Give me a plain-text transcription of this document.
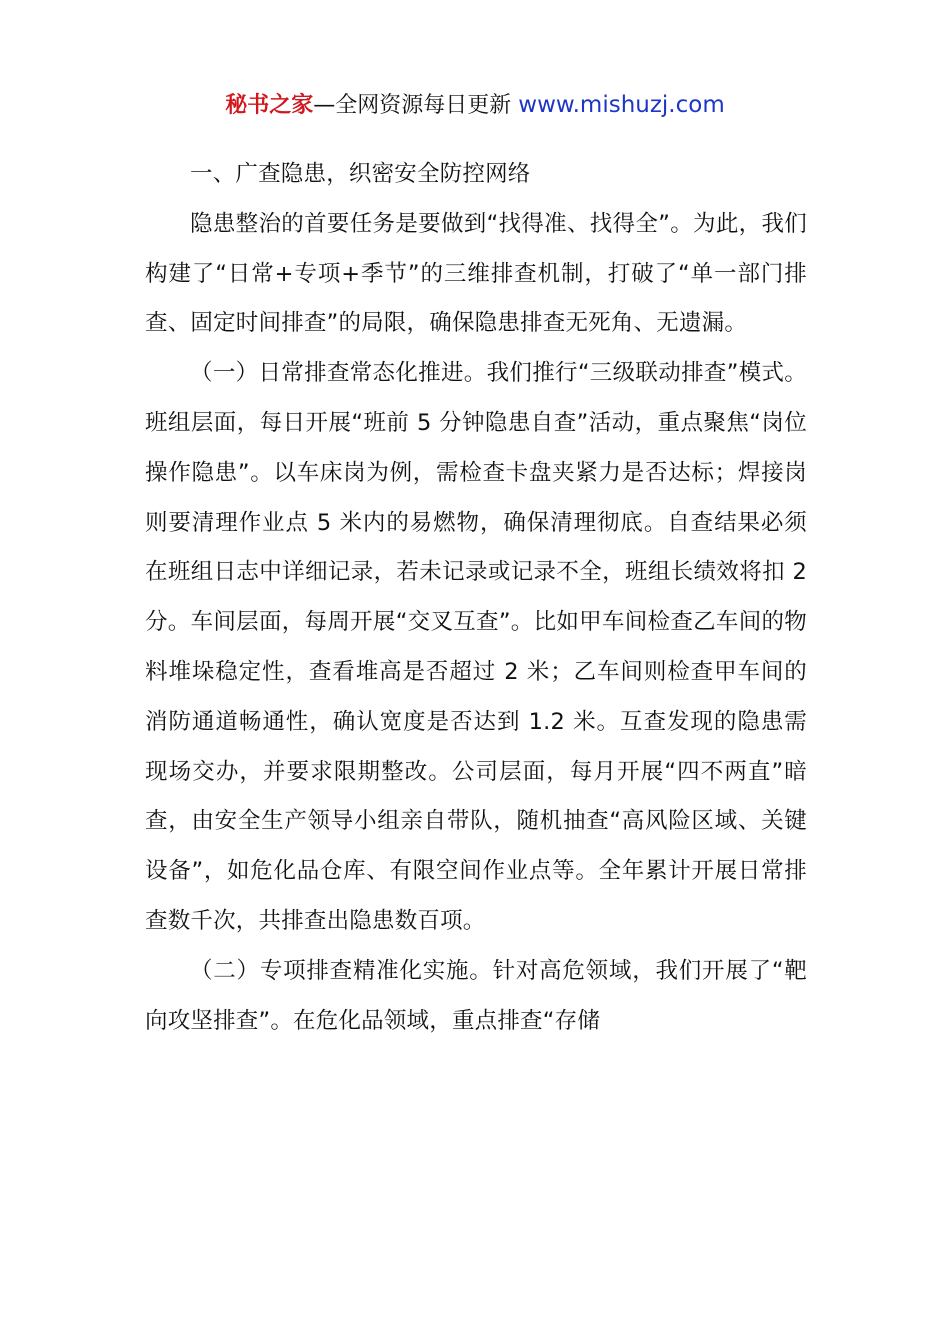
秘书之家—全网资源每日更新 www.mishuzj.com

一、广查隐患，织密安全防控网络

隐患整治的首要任务是要做到“找得准、找得全”。为此，我们构建了“日常+专项+季节”的三维排查机制，打破了“单一部门排查、固定时间排查”的局限，确保隐患排查无死角、无遗漏。

（一）日常排查常态化推进。我们推行“三级联动排查”模式。班组层面，每日开展“班前 5 分钟隐患自查”活动，重点聚焦“岗位操作隐患”。以车床岗为例，需检查卡盘夹紧力是否达标；焊接岗则要清理作业点 5 米内的易燃物，确保清理彻底。自查结果必须在班组日志中详细记录，若未记录或记录不全，班组长绩效将扣 2 分。车间层面，每周开展“交叉互查”。比如甲车间检查乙车间的物料堆垛稳定性，查看堆高是否超过 2 米；乙车间则检查甲车间的消防通道畅通性，确认宽度是否达到 1.2 米。互查发现的隐患需现场交办，并要求限期整改。公司层面，每月开展“四不两直”暗查，由安全生产领导小组亲自带队，随机抽查“高风险区域、关键设备”，如危化品仓库、有限空间作业点等。全年累计开展日常排查数千次，共排查出隐患数百项。

（二）专项排查精准化实施。针对高危领域，我们开展了“靶向攻坚排查”。在危化品领域，重点排查“存储
